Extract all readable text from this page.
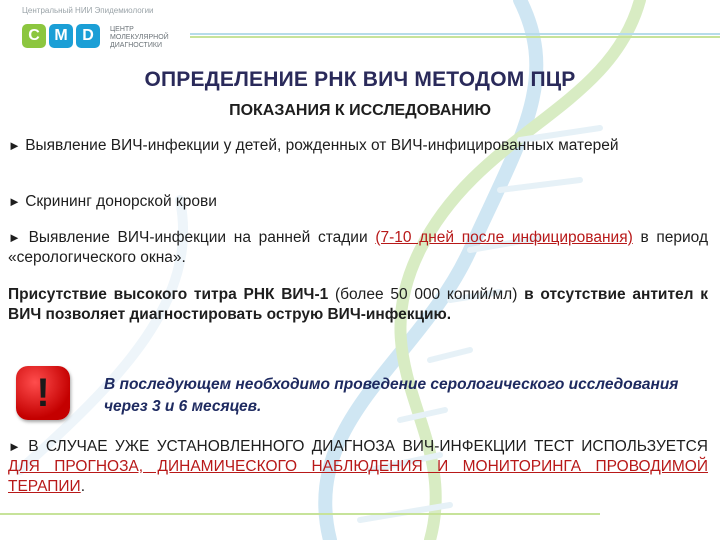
Центральный НИИ Эпидемиологии
C M D	ЦЕНТР МОЛЕКУЛЯРНОЙ ДИАГНОСТИКИ
ОПРЕДЕЛЕНИЕ РНК ВИЧ МЕТОДОМ ПЦР
ПОКАЗАНИЯ К ИССЛЕДОВАНИЮ
► Выявление ВИЧ-инфекции у детей, рожденных от ВИЧ-инфицированных матерей
► Скрининг донорской крови
► Выявление ВИЧ-инфекции на ранней стадии (7-10 дней после инфицирования) в период «серологического окна».
Присутствие высокого титра РНК ВИЧ-1 (более 50 000 копий/мл) в отсутствие антител к ВИЧ позволяет диагностировать острую ВИЧ-инфекцию.
!	В последующем необходимо проведение серологического исследования через 3 и 6 месяцев.
► В СЛУЧАЕ УЖЕ УСТАНОВЛЕННОГО ДИАГНОЗА ВИЧ-ИНФЕКЦИИ ТЕСТ ИСПОЛЬЗУЕТСЯ ДЛЯ ПРОГНОЗА, ДИНАМИЧЕСКОГО НАБЛЮДЕНИЯ И МОНИТОРИНГА ПРОВОДИМОЙ ТЕРАПИИ.
